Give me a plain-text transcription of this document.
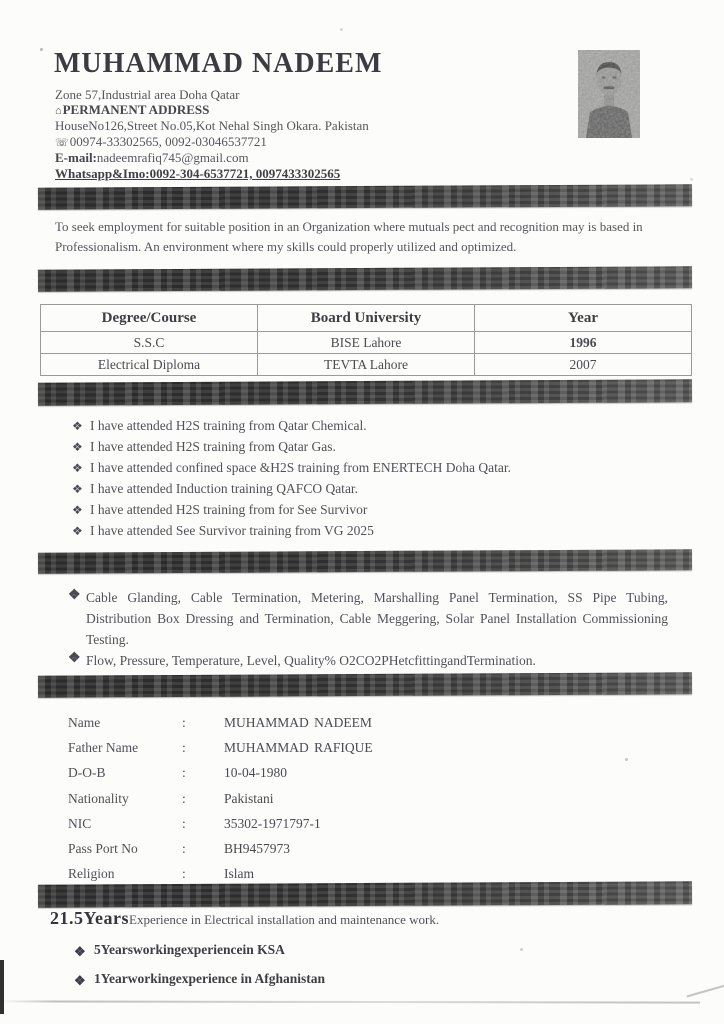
MUHAMMAD NADEEM
Zone 57,Industrial area Doha Qatar
⌂PERMANENT ADDRESS
HouseNo126,Street No.05,Kot Nehal Singh Okara. Pakistan
☏00974-33302565, 0092-03046537721
E-mail:nadeemrafiq745@gmail.com
Whatsapp&Imo:0092-304-6537721, 0097433302565
To seek employment for suitable position in an Organization where mutuals pect and recognition may is based in Professionalism. An environment where my skills could properly utilized and optimized.
Degree/Course	Board University	Year
S.S.C	BISE Lahore	1996
Electrical Diploma	TEVTA Lahore	2007
❖ I have attended H2S training from Qatar Chemical.
❖ I have attended H2S training from Qatar Gas.
❖ I have attended confined space &H2S training from ENERTECH Doha Qatar.
❖ I have attended Induction training QAFCO Qatar.
❖ I have attended H2S training from for See Survivor
❖ I have attended See Survivor training from VG 2025
❖ Cable Glanding, Cable Termination, Metering, Marshalling Panel Termination, SS Pipe Tubing, Distribution Box Dressing and Termination, Cable Meggering, Solar Panel Installation Commissioning Testing.
❖ Flow, Pressure, Temperature, Level, Quality% O2CO2PHetcfittingandTermination.
Name	:	MUHAMMAD NADEEM
Father Name	:	MUHAMMAD RAFIQUE
D-O-B	:	10-04-1980
Nationality	:	Pakistani
NIC	:	35302-1971797-1
Pass Port No	:	BH9457973
Religion	:	Islam
21.5YearsExperience in Electrical installation and maintenance work.
❖ 5Yearsworkingexperiencein KSA
❖ 1Yearworkingexperience in Afghanistan
